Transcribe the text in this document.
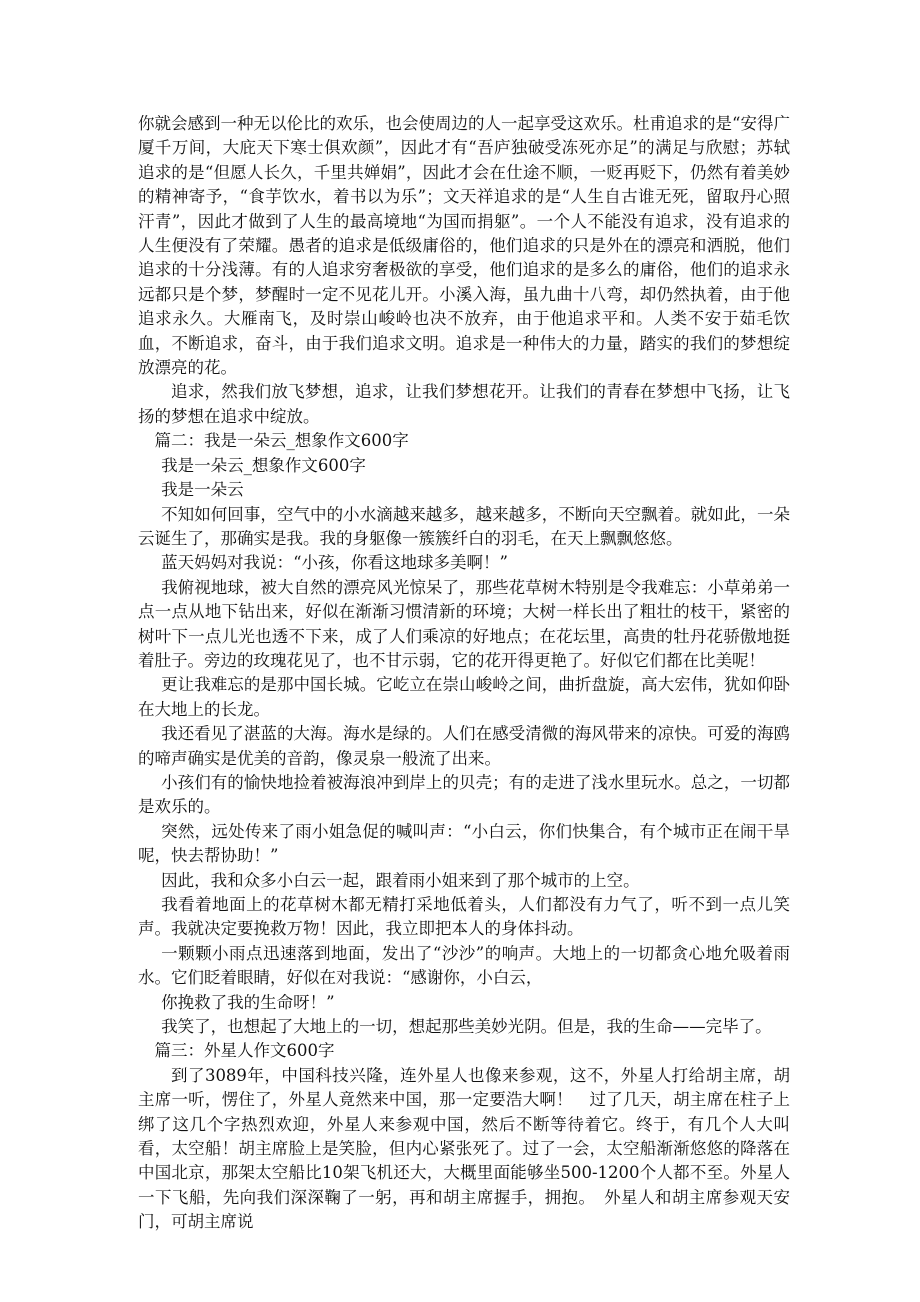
你就会感到一种无以伦比的欢乐，也会使周边的人一起享受这欢乐。杜甫追求的是“安得广厦千万间，大庇天下寒士俱欢颜”，因此才有“吾庐独破受冻死亦足”的满足与欣慰；苏轼追求的是“但愿人长久，千里共婵娟”，因此才会在仕途不顺，一贬再贬下，仍然有着美妙的精神寄予，“食芋饮水，着书以为乐”；文天祥追求的是“人生自古谁无死，留取丹心照汗青”，因此才做到了人生的最高境地“为国而捐躯”。一个人不能没有追求，没有追求的人生便没有了荣耀。愚者的追求是低级庸俗的，他们追求的只是外在的漂亮和洒脱，他们追求的十分浅薄。有的人追求穷奢极欲的享受，他们追求的是多么的庸俗，他们的追求永远都只是个梦，梦醒时一定不见花儿开。小溪入海，虽九曲十八弯，却仍然执着，由于他追求永久。大雁南飞，及时崇山峻岭也决不放弃，由于他追求平和。人类不安于茹毛饮血，不断追求，奋斗，由于我们追求文明。追求是一种伟大的力量，踏实的我们的梦想绽放漂亮的花。

追求，然我们放飞梦想，追求，让我们梦想花开。让我们的青春在梦想中飞扬，让飞扬的梦想在追求中绽放。

篇二：我是一朵云_想象作文600字

我是一朵云_想象作文600字

我是一朵云

不知如何回事，空气中的小水滴越来越多，越来越多，不断向天空飘着。就如此，一朵云诞生了，那确实是我。我的身躯像一簇簇纤白的羽毛，在天上飘飘悠悠。

蓝天妈妈对我说：“小孩，你看这地球多美啊！”

我俯视地球，被大自然的漂亮风光惊呆了，那些花草树木特别是令我难忘：小草弟弟一点一点从地下钻出来，好似在渐渐习惯清新的环境；大树一样长出了粗壮的枝干，紧密的树叶下一点儿光也透不下来，成了人们乘凉的好地点；在花坛里，高贵的牡丹花骄傲地挺着肚子。旁边的玫瑰花见了，也不甘示弱，它的花开得更艳了。好似它们都在比美呢！

更让我难忘的是那中国长城。它屹立在崇山峻岭之间，曲折盘旋，高大宏伟，犹如仰卧在大地上的长龙。

我还看见了湛蓝的大海。海水是绿的。人们在感受清微的海风带来的凉快。可爱的海鸥的啼声确实是优美的音韵，像灵泉一般流了出来。

小孩们有的愉快地捡着被海浪冲到岸上的贝壳；有的走进了浅水里玩水。总之，一切都是欢乐的。

突然，远处传来了雨小姐急促的喊叫声：“小白云，你们快集合，有个城市正在闹干旱呢，快去帮协助！”

因此，我和众多小白云一起，跟着雨小姐来到了那个城市的上空。

我看着地面上的花草树木都无精打采地低着头，人们都没有力气了，听不到一点儿笑声。我就决定要挽救万物！因此，我立即把本人的身体抖动。

一颗颗小雨点迅速落到地面，发出了“沙沙”的响声。大地上的一切都贪心地允吸着雨水。它们眨着眼睛，好似在对我说：“感谢你，小白云，

你挽救了我的生命呀！”

我笑了，也想起了大地上的一切，想起那些美妙光阴。但是，我的生命——完毕了。

篇三：外星人作文600字

到了3089年，中国科技兴隆，连外星人也像来参观，这不，外星人打给胡主席，胡主席一听，愣住了，外星人竟然来中国，那一定要浩大啊！　过了几天，胡主席在柱子上绑了这几个字热烈欢迎，外星人来参观中国，然后不断等待着它。终于，有几个人大叫看，太空船！胡主席脸上是笑脸，但内心紧张死了。过了一会，太空船渐渐悠悠的降落在中国北京，那架太空船比10架飞机还大，大概里面能够坐500-1200个人都不至。外星人一下飞船，先向我们深深鞠了一躬，再和胡主席握手，拥抱。　外星人和胡主席参观天安门，可胡主席说
